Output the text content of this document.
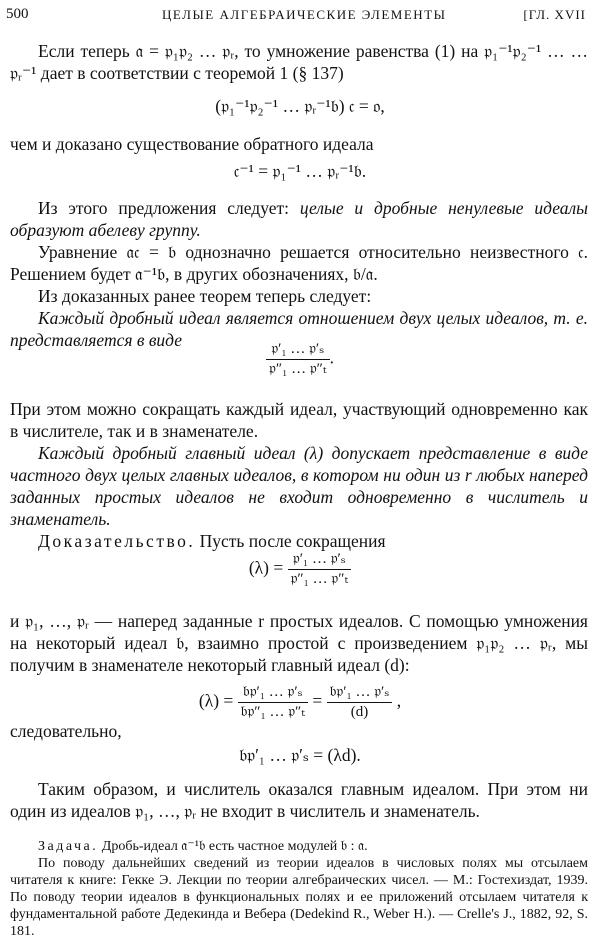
500	ЦЕЛЫЕ АЛГЕБРАИЧЕСКИЕ ЭЛЕМЕНТЫ	[ГЛ. XVII
Если теперь 𝔞 = 𝔭₁𝔭₂ … 𝔭ᵣ, то умножение равенства (1) на 𝔭₁⁻¹𝔭₂⁻¹ … … 𝔭ᵣ⁻¹ дает в соответствии с теоремой 1 (§ 137)
(𝔭₁⁻¹𝔭₂⁻¹ … 𝔭ᵣ⁻¹𝔟) 𝔠 = 𝔬,
чем и доказано существование обратного идеала
𝔠⁻¹ = 𝔭₁⁻¹ … 𝔭ᵣ⁻¹𝔟.
Из этого предложения следует: целые и дробные ненулевые идеалы образуют абелеву группу.
Уравнение 𝔞𝔠 = 𝔟 однозначно решается относительно неизвестного 𝔠. Решением будет 𝔞⁻¹𝔟, в других обозначениях, 𝔟/𝔞.
Из доказанных ранее теорем теперь следует:
Каждый дробный идеал является отношением двух целых идеалов, т. е. представляется в виде	$\frac{\text{𝔭′₁ … 𝔭′ₛ}}{\text{𝔭″₁ … 𝔭″ₜ}}$ .
При этом можно сокращать каждый идеал, участвующий одновременно как в числителе, так и в знаменателе.
Каждый дробный главный идеал (λ) допускает представление в виде частного двух целых главных идеалов, в котором ни один из r любых наперед заданных простых идеалов не входит одновременно в числитель и знаменатель.
Доказательство. Пусть после сокращения
$(\lambda) = \frac{\text{𝔭′₁ … 𝔭′ₛ}}{\text{𝔭″₁ … 𝔭″ₜ}}$
и 𝔭₁, …, 𝔭ᵣ — наперед заданные r простых идеалов. С помощью умножения на некоторый идеал 𝔟, взаимно простой с произведением 𝔭₁𝔭₂ … 𝔭ᵣ, мы получим в знаменателе некоторый главный идеал (d):
$(\lambda) = \frac{\text{𝔟𝔭′₁ … 𝔭′ₛ}}{\text{𝔟𝔭″₁ … 𝔭″ₜ}} = \frac{\text{𝔟𝔭′₁ … 𝔭′ₛ}}{(d)}$ ,
следовательно,
𝔟𝔭′₁ … 𝔭′ₛ = (λd).
Таким образом, и числитель оказался главным идеалом. При этом ни один из идеалов 𝔭₁, …, 𝔭ᵣ не входит в числитель и знаменатель.
Задача. Дробь-идеал 𝔞⁻¹𝔟 есть частное модулей 𝔟 : 𝔞.
По поводу дальнейших сведений из теории идеалов в числовых полях мы отсылаем читателя к книге: Гекке Э. Лекции по теории алгебраических чисел. — М.: Гостехиздат, 1939. По поводу теории идеалов в функциональных полях и ее приложений отсылаем читателя к фундаментальной работе Дедекинда и Вебера (Dedekind R., Weber H.). — Crelle's J., 1882, 92, S. 181.
